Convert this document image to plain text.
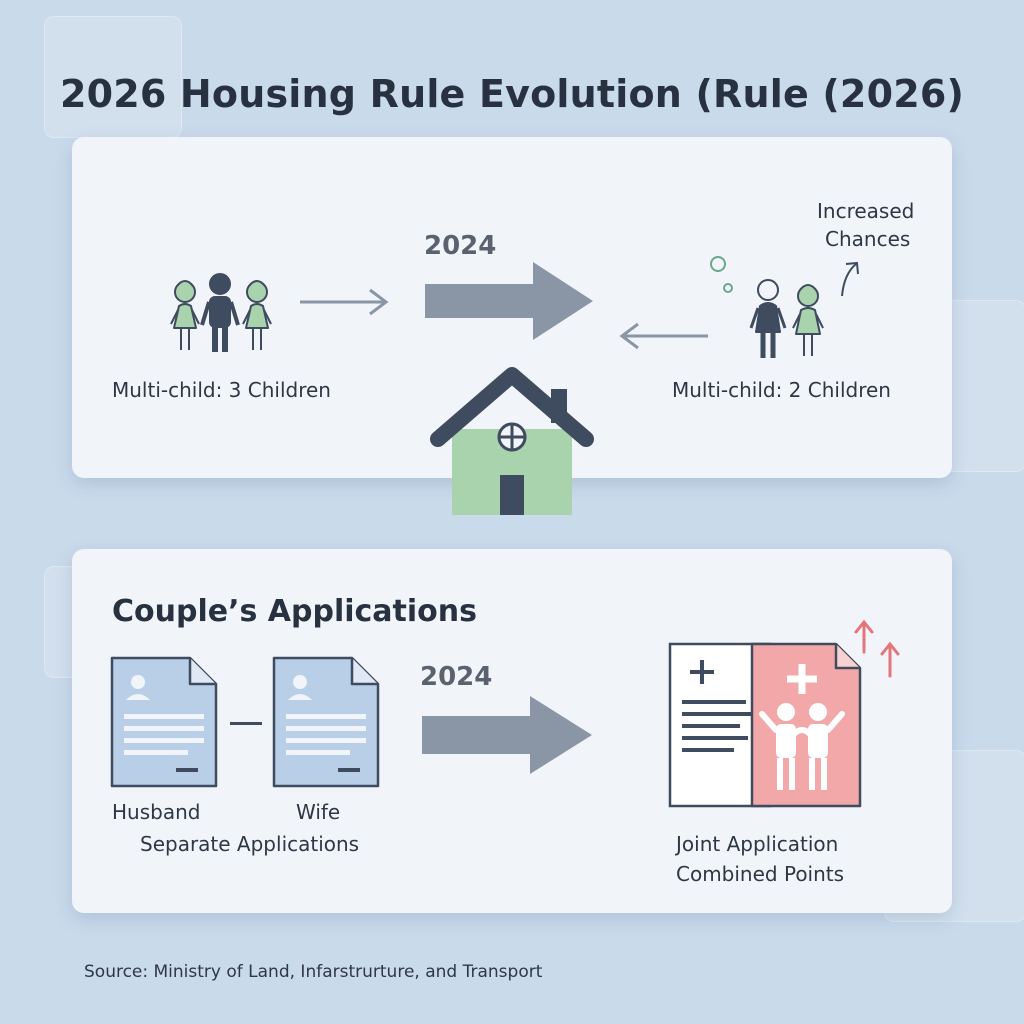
2026 Housing Rule Evolution (Rule (2026)
Multi-child: 3 Children
2024
Increased
Chances
Multi-child: 2 Children
Couple’s Applications
Husband	Wife
Separate Applications
2024
Joint Application
Combined Points
Source: Ministry of Land, Infarstrurture, and Transport
